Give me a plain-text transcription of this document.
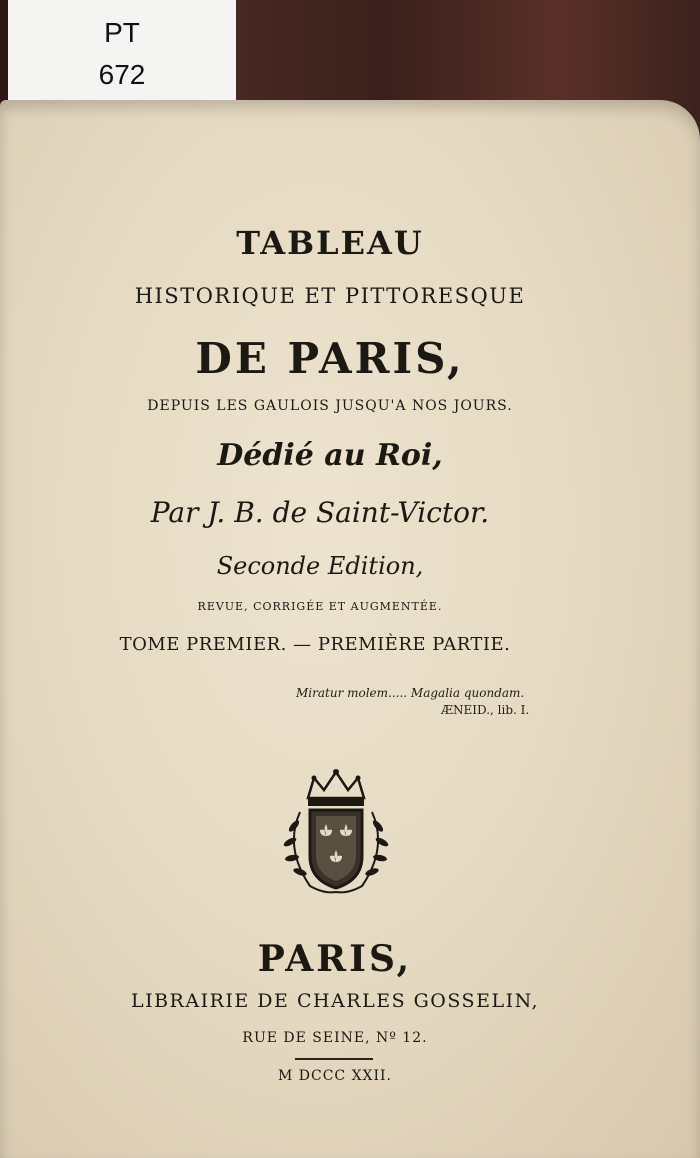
PT
672
TABLEAU
HISTORIQUE ET PITTORESQUE
DE PARIS,
DEPUIS LES GAULOIS JUSQU'A NOS JOURS.
Dédié au Roi,
Par J. B. de Saint-Victor.
Seconde Edition,
REVUE, CORRIGÉE ET AUGMENTÉE.
TOME PREMIER. — PREMIÈRE PARTIE.
Miratur molem..... Magalia quondam.
ÆNEID., lib. I.
PARIS,
LIBRAIRIE DE CHARLES GOSSELIN,
RUE DE SEINE, Nº 12.
M DCCC XXII.
